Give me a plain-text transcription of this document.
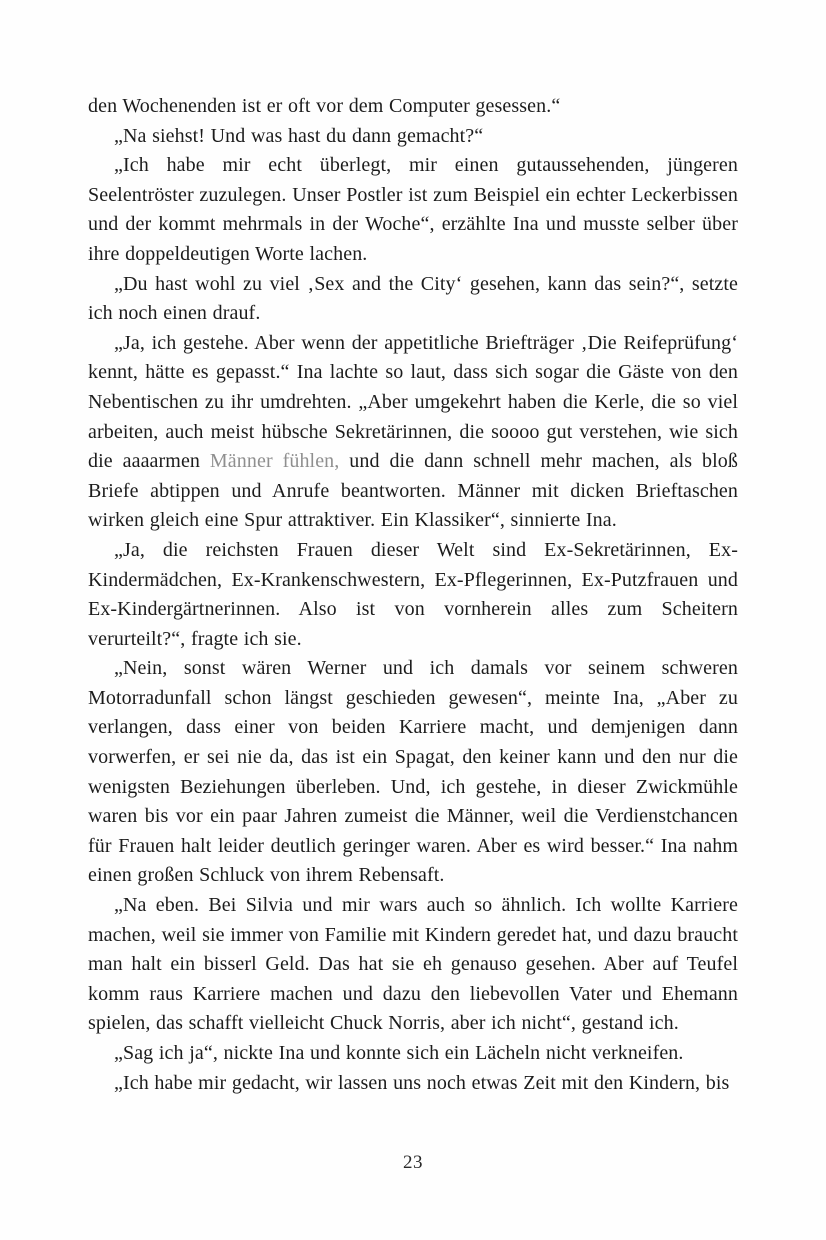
den Wochenenden ist er oft vor dem Computer gesessen.“

„Na siehst! Und was hast du dann gemacht?“

„Ich habe mir echt überlegt, mir einen gutaussehenden, jüngeren Seelentröster zuzulegen. Unser Postler ist zum Beispiel ein echter Leckerbissen und der kommt mehrmals in der Woche“, erzählte Ina und musste selber über ihre doppeldeutigen Worte lachen.

„Du hast wohl zu viel ‚Sex and the City‘ gesehen, kann das sein?“, setzte ich noch einen drauf.

„Ja, ich gestehe. Aber wenn der appetitliche Briefträger ‚Die Reifeprüfung‘ kennt, hätte es gepasst.“ Ina lachte so laut, dass sich sogar die Gäste von den Nebentischen zu ihr umdrehten. „Aber umgekehrt haben die Kerle, die so viel arbeiten, auch meist hübsche Sekretärinnen, die soooo gut verstehen, wie sich die aaaarmen Männer fühlen, und die dann schnell mehr machen, als bloß Briefe abtippen und Anrufe beantworten. Männer mit dicken Brieftaschen wirken gleich eine Spur attraktiver. Ein Klassiker“, sinnierte Ina.

„Ja, die reichsten Frauen dieser Welt sind Ex-Sekretärinnen, Ex-Kindermädchen, Ex-Krankenschwestern, Ex-Pflegerinnen, Ex-Putzfrauen und Ex-Kindergärtnerinnen. Also ist von vornherein alles zum Scheitern verurteilt?“, fragte ich sie.

„Nein, sonst wären Werner und ich damals vor seinem schweren Motorradunfall schon längst geschieden gewesen“, meinte Ina, „Aber zu verlangen, dass einer von beiden Karriere macht, und demjenigen dann vorwerfen, er sei nie da, das ist ein Spagat, den keiner kann und den nur die wenigsten Beziehungen überleben. Und, ich gestehe, in dieser Zwickmühle waren bis vor ein paar Jahren zumeist die Männer, weil die Verdienstchancen für Frauen halt leider deutlich geringer waren. Aber es wird besser.“ Ina nahm einen großen Schluck von ihrem Rebensaft.

„Na eben. Bei Silvia und mir wars auch so ähnlich. Ich wollte Karriere machen, weil sie immer von Familie mit Kindern geredet hat, und dazu braucht man halt ein bisserl Geld. Das hat sie eh genauso gesehen. Aber auf Teufel komm raus Karriere machen und dazu den liebevollen Vater und Ehemann spielen, das schafft vielleicht Chuck Norris, aber ich nicht“, gestand ich.

„Sag ich ja“, nickte Ina und konnte sich ein Lächeln nicht verkneifen.

„Ich habe mir gedacht, wir lassen uns noch etwas Zeit mit den Kindern, bis

23
